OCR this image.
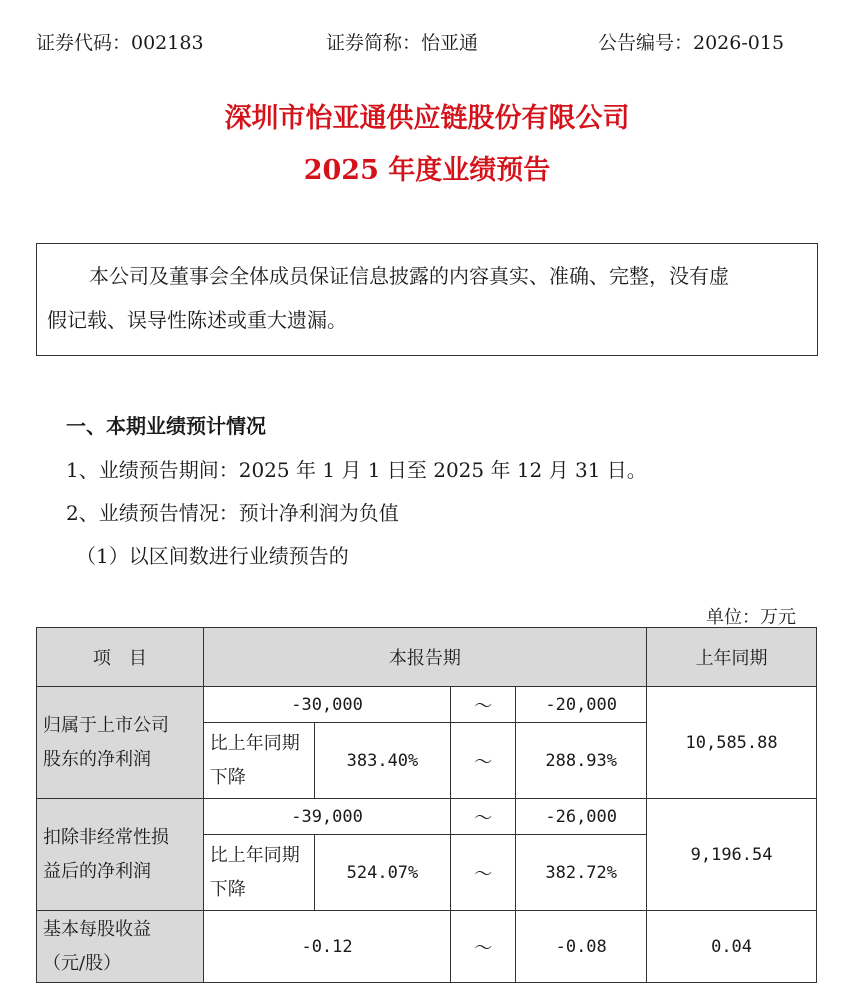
证券代码：002183	证券简称：怡亚通	公告编号：2026-015
深圳市怡亚通供应链股份有限公司
2025 年度业绩预告
本公司及董事会全体成员保证信息披露的内容真实、准确、完整，没有虚
假记载、误导性陈述或重大遗漏。
一、本期业绩预计情况
1、业绩预告期间：2025 年 1 月 1 日至 2025 年 12 月 31 日。
2、业绩预告情况：预计净利润为负值
（1）以区间数进行业绩预告的
单位：万元
项　目	本报告期				上年同期

归属于上市公司
股东的净利润	-30,000		～	-20,000	10,585.88

	比上年同期
下降	383.40%	～	288.93%	

扣除非经常性损
益后的净利润	-39,000		～	-26,000	9,196.54

	比上年同期
下降	524.07%	～	382.72%	

基本每股收益
（元/股）	-0.12		～	-0.08	0.04
